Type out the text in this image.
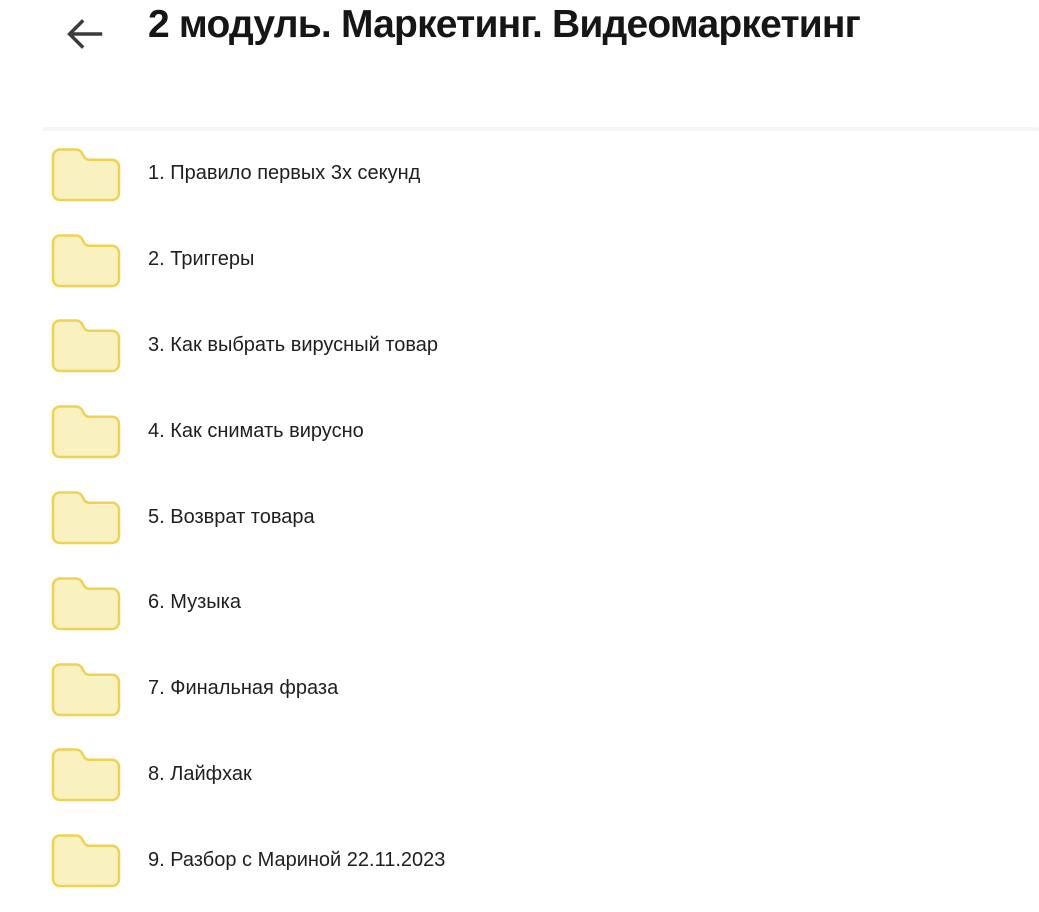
2 модуль. Маркетинг. Видеомаркетинг
1. Правило первых 3х секунд
2. Триггеры
3. Как выбрать вирусный товар
4. Как снимать вирусно
5. Возврат товара
6. Музыка
7. Финальная фраза
8. Лайфхак
9. Разбор с Мариной 22.11.2023
